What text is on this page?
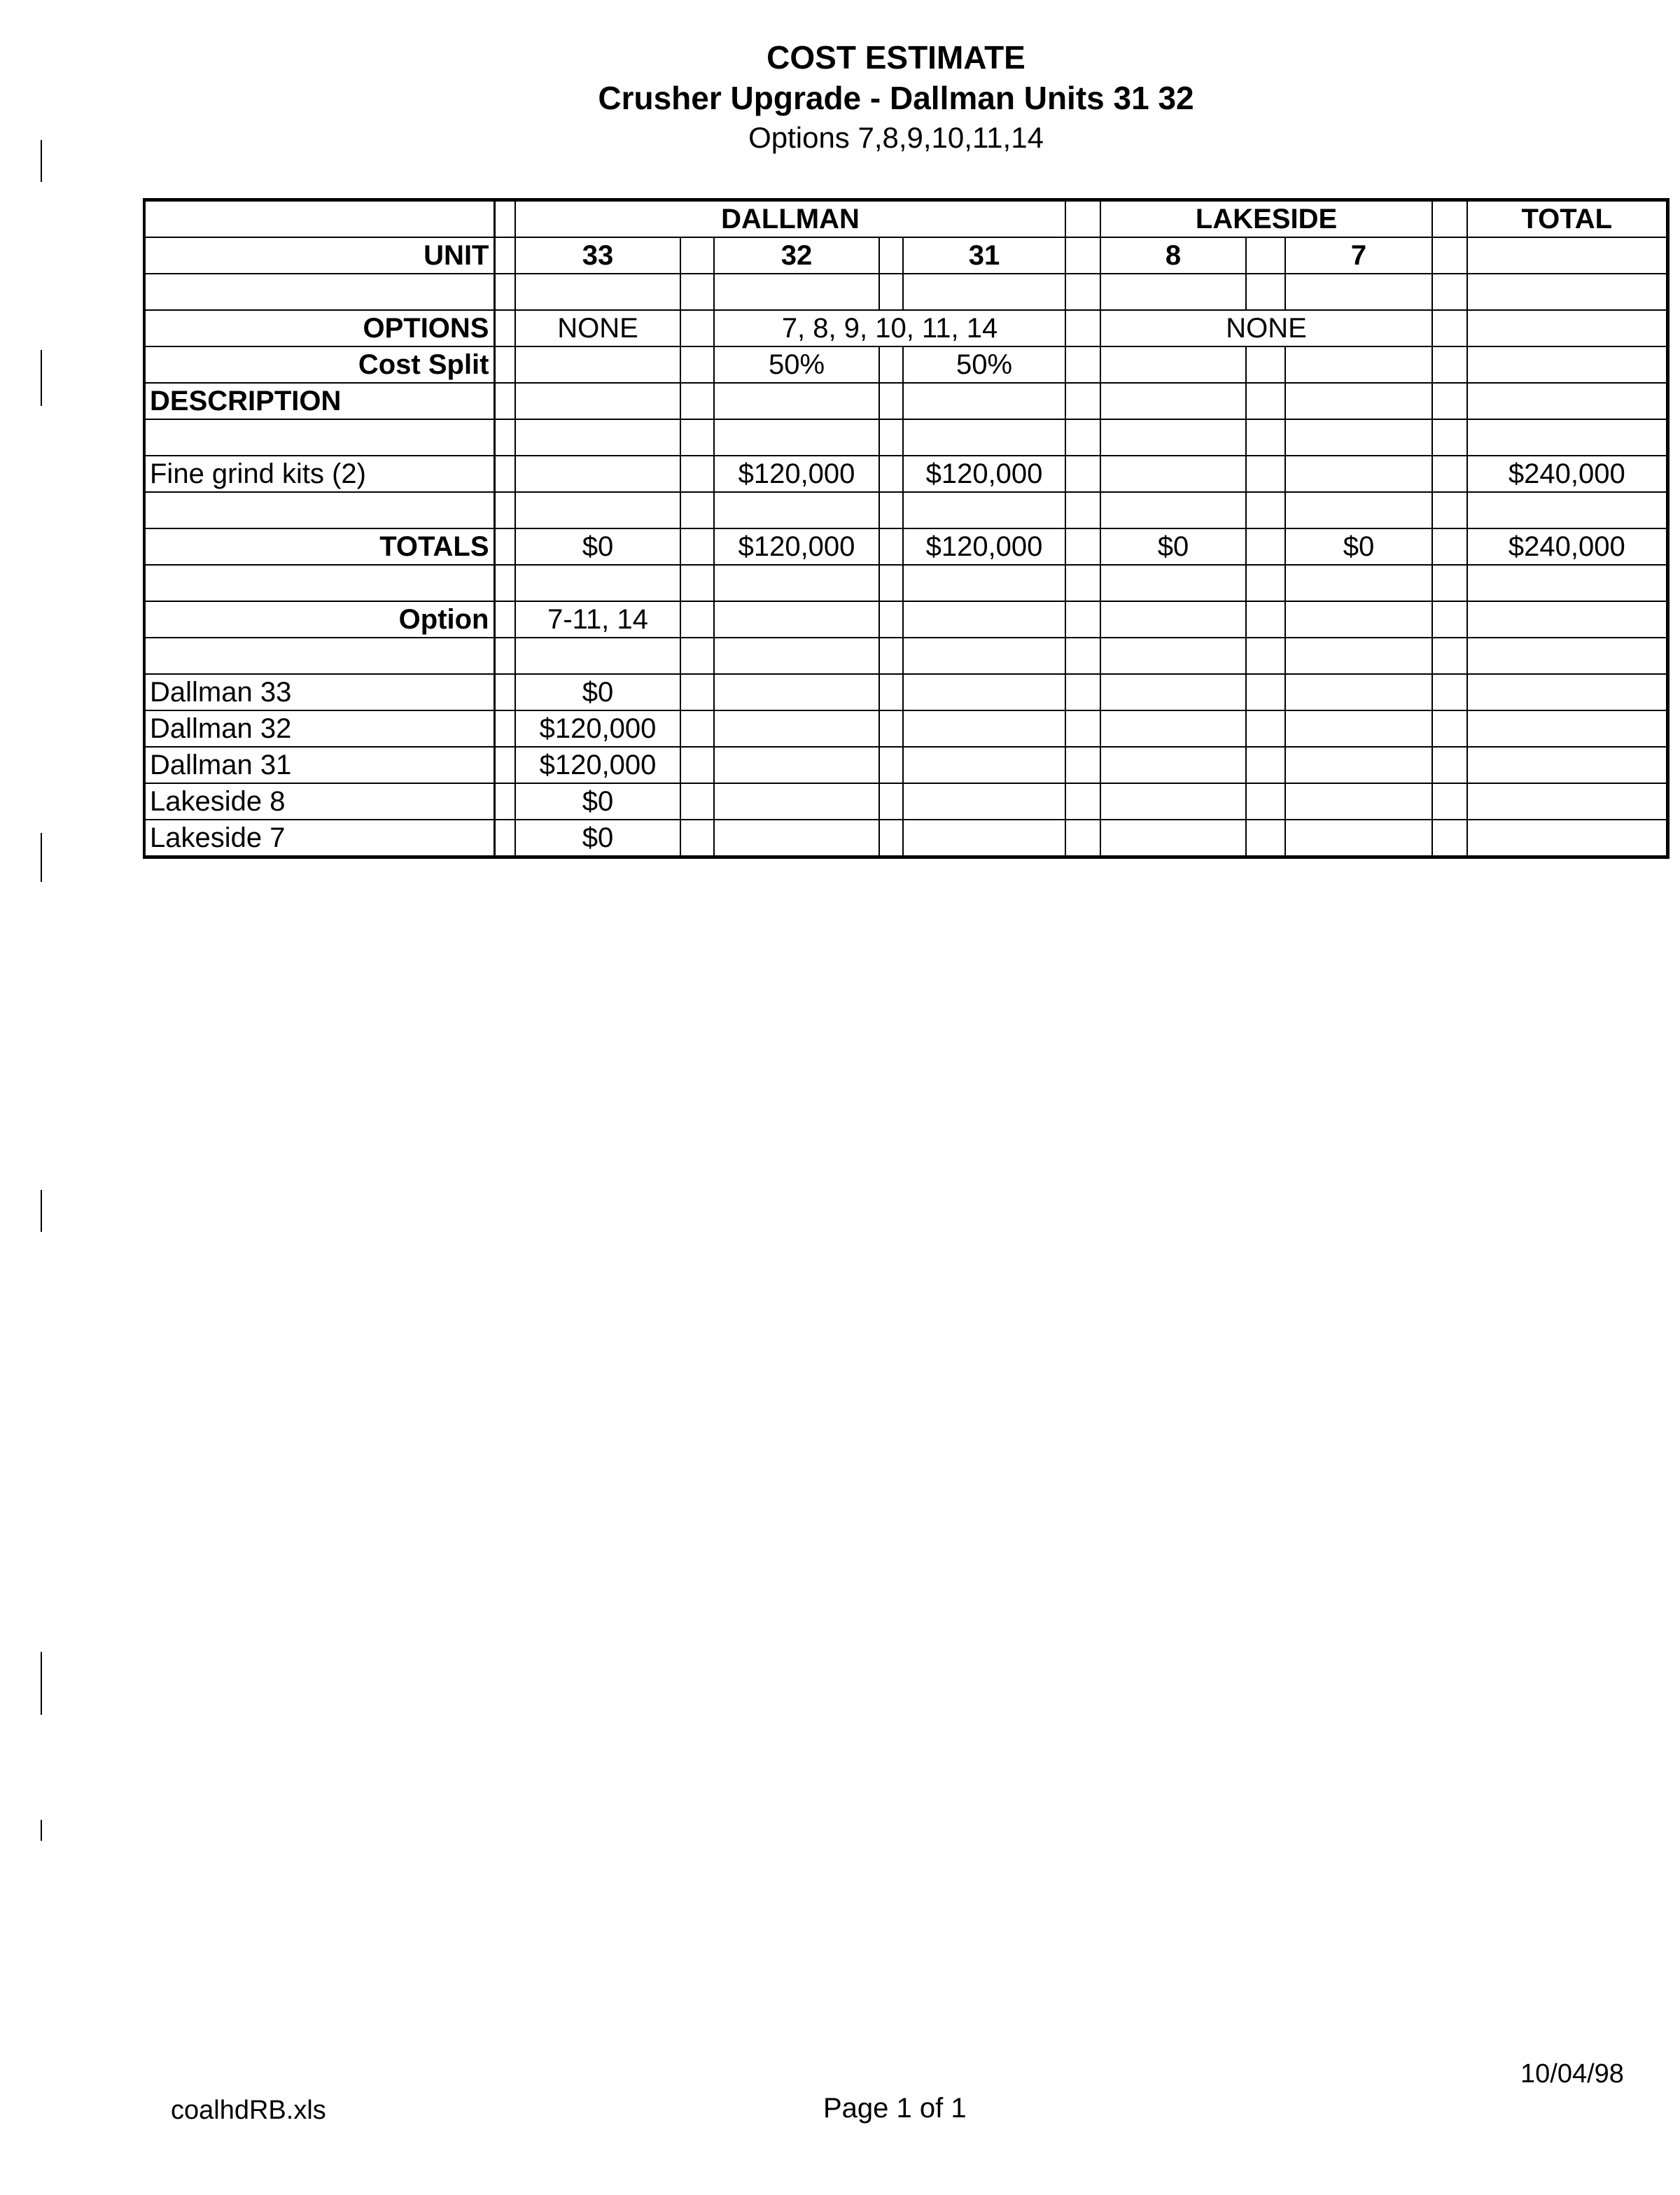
COST ESTIMATE
Crusher Upgrade - Dallman Units 31 32
Options 7,8,9,10,11,14
		DALLMAN						LAKESIDE				TOTAL
UNIT		33		32		31		8		7		

OPTIONS		NONE		7, 8, 9, 10, 11, 14				NONE				
Cost Split				50%		50%						
DESCRIPTION												

Fine grind kits (2)				$120,000		$120,000						$240,000

TOTALS		$0		$120,000		$120,000		$0		$0		$240,000

Option		7-11, 14										

Dallman 33		$0										
Dallman 32		$120,000										
Dallman 31		$120,000										
Lakeside 8		$0										
Lakeside 7		$0										
10/04/98
coalhdRB.xls	Page 1 of 1
